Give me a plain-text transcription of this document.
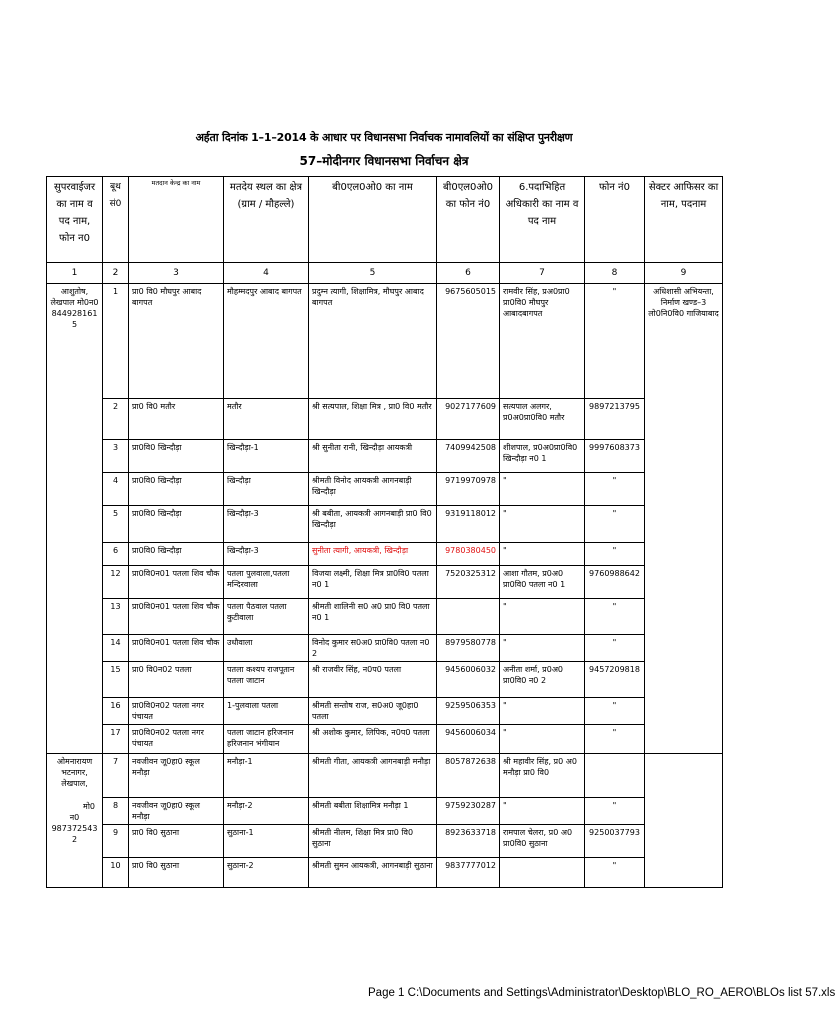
अर्हता दिनांक 1–1–2014 के आधार पर विधानसभा निर्वाचक नामावलियों का संक्षिप्त पुनरीक्षण
57–मोदीनगर विधानसभा निर्वाचन क्षेत्र
सुपरवाईजर का नाम व पद नाम, फोन न0	बूथ सं0	मतदान केन्द्र का नाम	मतदेय स्थल का क्षेत्र (ग्राम / मौहल्ले)	बी0एल0ओ0 का नाम	बी0एल0ओ0 का फोन नं0	6.पदाभिहित अधिकारी का नाम व पद नाम	फोन नं0	सेक्टर आफिसर का नाम, पदनाम
1	2	3	4	5	6	7	8	9

आशुतोष,
लेखपाल मो0न0
8449281615	1	प्रा0 वि0 मौघपुर आबाद बागपत	मौहम्मदपुर आबाद बागपत	प्रदुम्न त्यागी, शिक्षामित्र, मौघपुर आबाद बागपत	9675605015	रामवीर सिंह, प्रअ0प्रा0 प्रा0वि0 मौघपुर आबादबागपत	"	अधिशासी अभियन्ता, निर्माण खण्ड–3 लो0नि0वि0 गाजियाबाद
	2	प्रा0 वि0 मतौर	मतौर	श्री सत्यपाल, शिक्षा मित्र , प्रा0 वि0 मतौर	9027177609	सत्यपाल अलगर, प्र0अ0प्रा0वि0 मतौर	9897213795	
	3	प्रा0वि0 खिन्दौड़ा	खिन्दौड़ा-1	श्री सुनीता रानी, खिन्दौड़ा आयकत्री	7409942508	शीशपाल, प्र0अ0प्रा0वि0 खिन्दौड़ा न0 1	9997608373	
	4	प्रा0वि0 खिन्दौड़ा	खिन्दौड़ा	श्रीमती विनोद आयकत्री आगनबाड़ी खिन्दौड़ा	9719970978	"	"	
	5	प्रा0वि0 खिन्दौड़ा	खिन्दौड़ा-3	श्री बबीता, आयकत्री आगनबाड़ी प्रा0 वि0 खिन्दौड़ा	9319118012	"	"	
	6	प्रा0वि0 खिन्दौड़ा	खिन्दौड़ा-3	सुनीता त्यागी, आयकत्री, खिन्दौड़ा	9780380450	"	"	
	12	प्रा0वि0न01 पतला शिव चौक	पतला पुलवाला,पतला मन्दिरवाला	विजया लक्ष्मी, शिक्षा मित्र प्रा0वि0 पतला न0 1	7520325312	आशा गौतम, प्र0अ0 प्रा0वि0 पतला न0 1	9760988642	
	13	प्रा0वि0न01 पतला शिव चौक	पतला पैठवाल पतला कुटीवाला	श्रीमती शालिनी स0 अ0 प्रा0 वि0 पतला न0 1		"	"	
	14	प्रा0वि0न01 पतला शिव चौक	उधौवाला	विनोद कुमार स0अ0 प्रा0वि0 पतला न0 2	8979580778	"	"	
	15	प्रा0 वि0न02 पतला	पतला कश्यप राजपूतान पतला जाटान	श्री राजवीर सिंह, न0प0 पतला	9456006032	अनीता शर्मा, प्र0अ0 प्रा0वि0 न0 2	9457209818	
	16	प्रा0वि0न02 पतला नगर पंचायत	1-पुलवाला पतला	श्रीमती सन्तोष राज, स0अ0 जू0हा0 पतला	9259506353	"	"	
	17	प्रा0वि0न02 पतला नगर पंचायत	पतला जाटान हरिजनान हरिजनान भंगीयान	श्री अशोक कुमार, लिपिक, न0प0 पतला	9456006034	"	"	

ओमनारायण
भटनागर,
लेखपाल,
मो0
न0 9873725432	7	नवजीवन जू0हा0 स्कूल मनौड़ा	मनौड़ा-1	श्रीमती गीता, आयकत्री आगनबाड़ी मनौड़ा	8057872638	श्री महावीर सिंह, प्र0 अ0 मनौड़ा प्रा0 वि0		
	8	नवजीवन जू0हा0 स्कूल मनौड़ा	मनौड़ा-2	श्रीमती बबीता शिक्षामित्र मनौड़ा 1	9759230287	"	"	
	9	प्रा0 वि0 सुठाना	सुठाना-1	श्रीमती नीलम, शिक्षा मित्र प्रा0 वि0 सुठाना	8923633718	रामपाल चेलरा, प्र0 अ0 प्रा0वि0 सुठाना	9250037793	
	10	प्रा0 वि0 सुठाना	सुठाना-2	श्रीमती सुमन आयकत्री, आगनबाड़ी सुठाना	9837777012		"	
Page 1 C:\Documents and Settings\Administrator\Desktop\BLO_RO_AERO\BLOs list 57.xls
